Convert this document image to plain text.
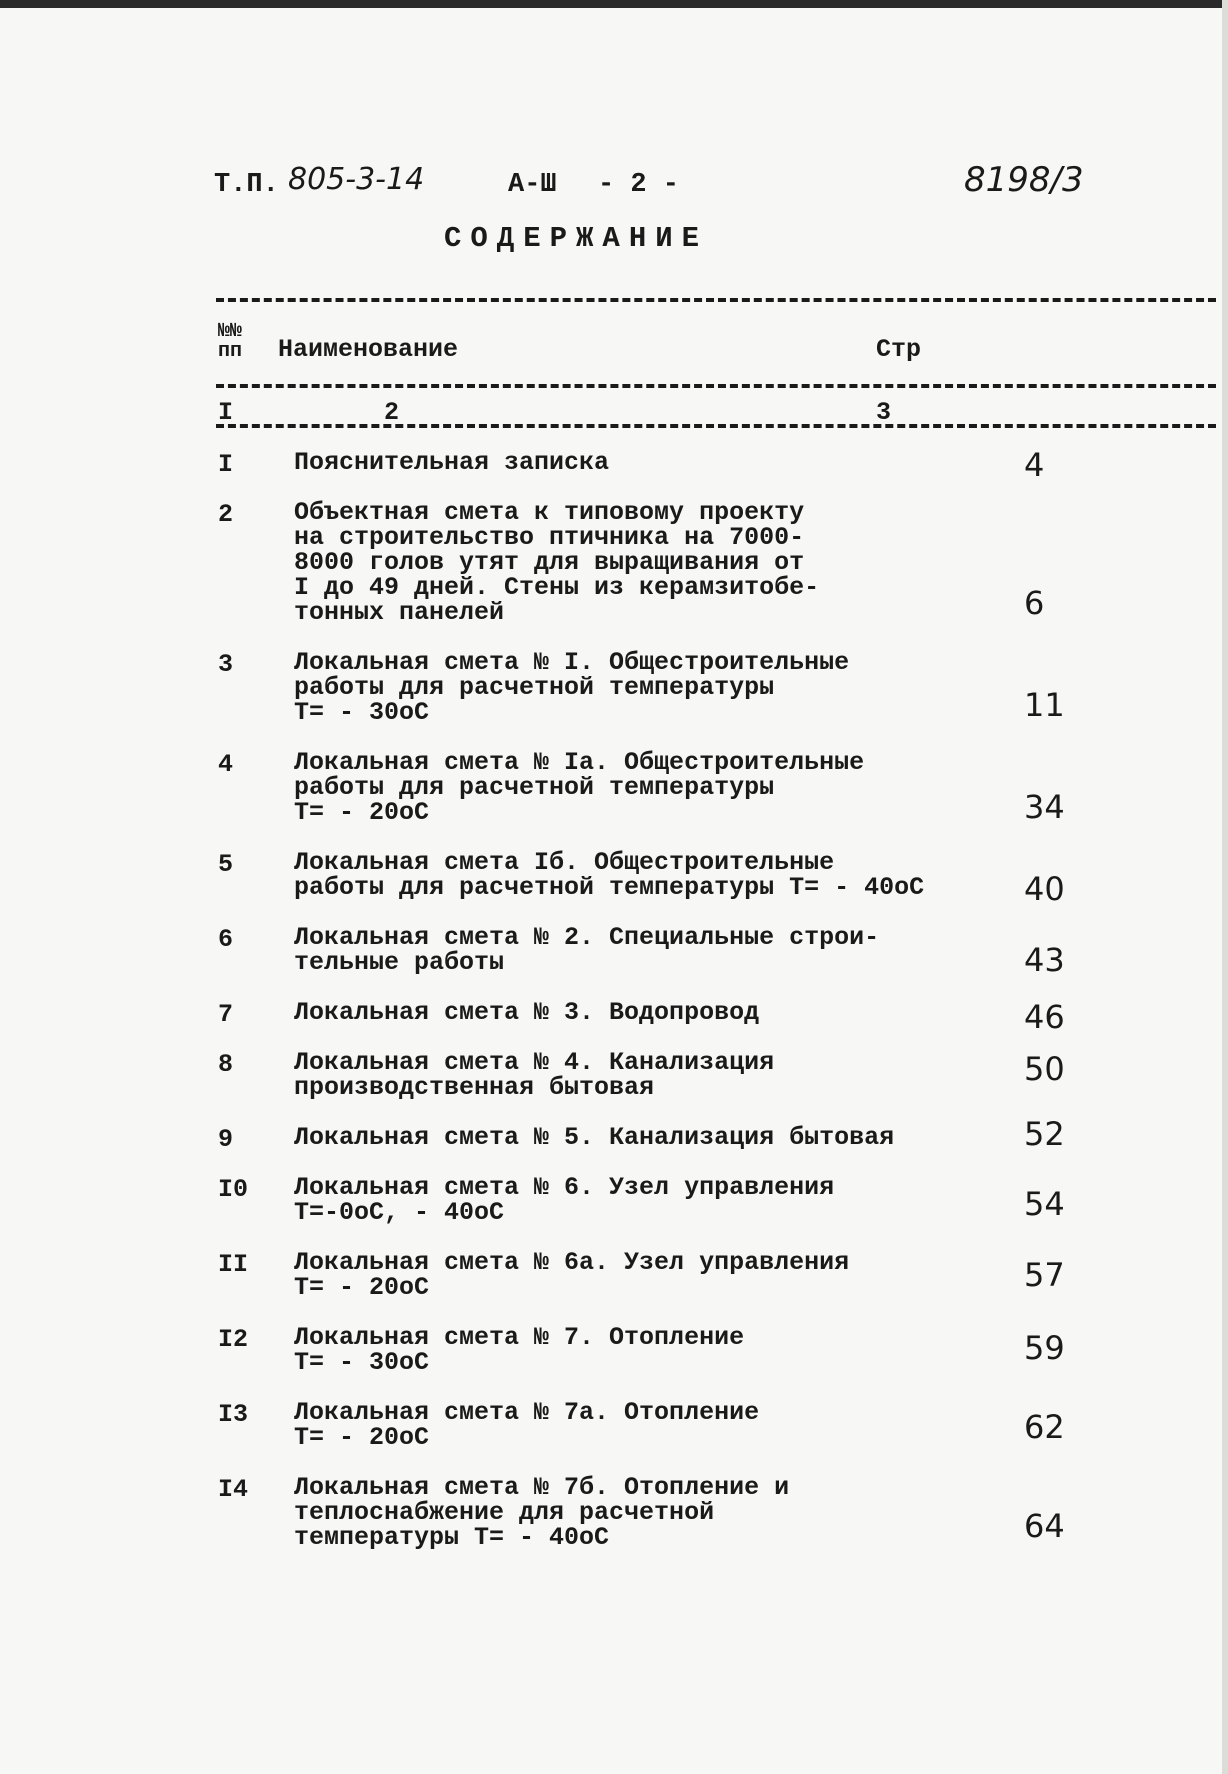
Т.П. 805-3-14	А-Ш - 2 -	8198/3
СОДЕРЖАНИЕ
№№ пп Наименование	Стр
I	2	3
I Пояснительная записка	4
2 Объектная смета к типовому проекту
на строительство птичника на 7000-
8000 голов утят для выращивания от
I до 49 дней. Стены из керамзитобе-
тонных панелей	6
3 Локальная смета № I. Общестроительные
работы для расчетной температуры
Т= - 30оС	11
4 Локальная смета № Iа. Общестроительные
работы для расчетной температуры
Т= - 20оС	34
5 Локальная смета Iб. Общестроительные
работы для расчетной температуры Т= - 40оС	40
6 Локальная смета № 2. Специальные строи-
тельные работы	43
7 Локальная смета № 3. Водопровод	46
8 Локальная смета № 4. Канализация
производственная бытовая	50
9 Локальная смета № 5. Канализация бытовая	52
I0 Локальная смета № 6. Узел управления
Т=-0оС, - 40оС	54
II Локальная смета № 6а. Узел управления
Т= - 20оС	57
I2 Локальная смета № 7. Отопление
Т= - 30оС	59
I3 Локальная смета № 7а. Отопление
Т= - 20оС	62
I4 Локальная смета № 7б. Отопление и
теплоснабжение для расчетной
температуры Т= - 40оС	64
